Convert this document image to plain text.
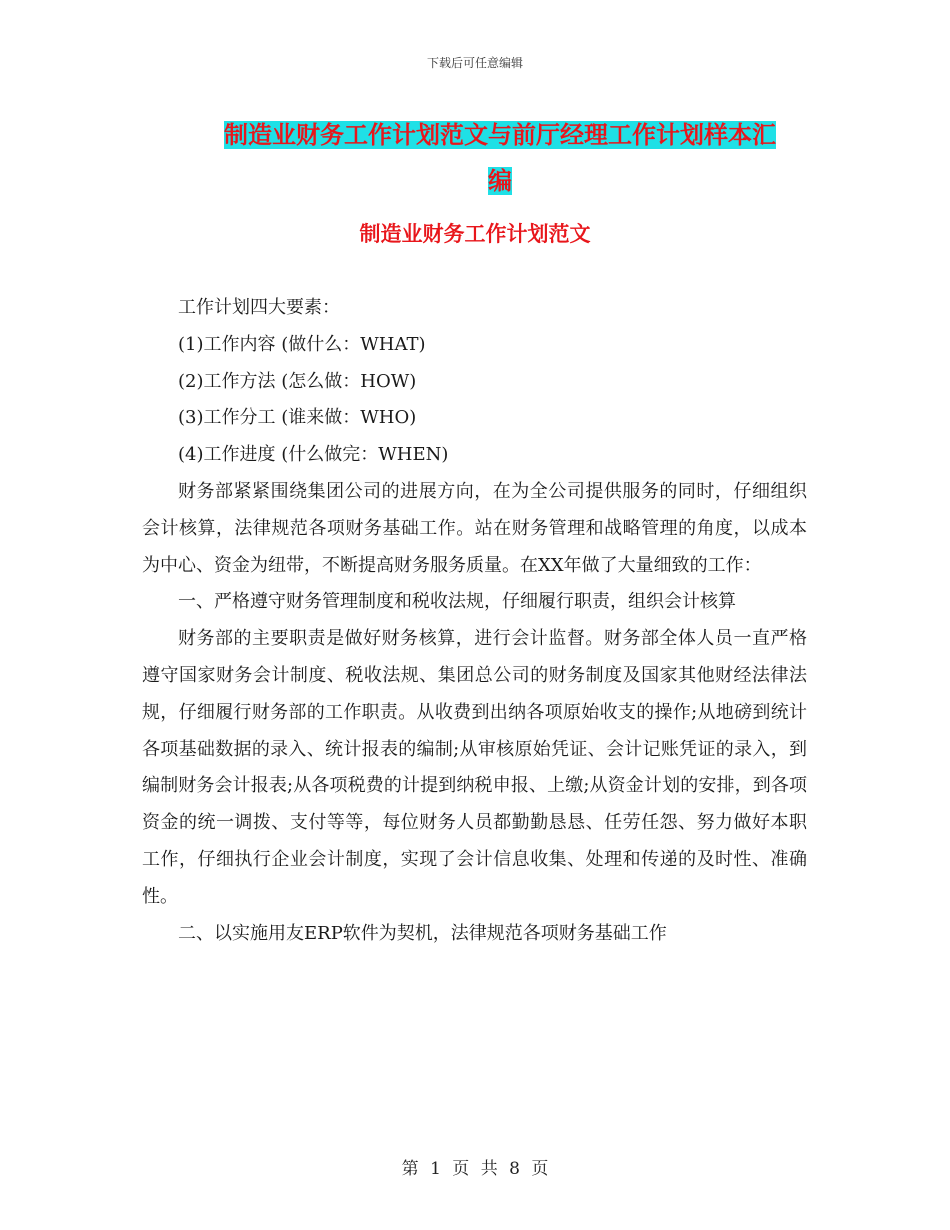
下载后可任意编辑
制造业财务工作计划范文与前厅经理工作计划样本汇
编
制造业财务工作计划范文

工作计划四大要素：

(1)工作内容 (做什么：WHAT)

(2)工作方法 (怎么做：HOW)

(3)工作分工 (谁来做：WHO)

(4)工作进度 (什么做完：WHEN)

财务部紧紧围绕集团公司的进展方向，在为全公司提供服务的同时，仔细组织会计核算，法律规范各项财务基础工作。站在财务管理和战略管理的角度，以成本为中心、资金为纽带，不断提高财务服务质量。在XX年做了大量细致的工作：

一、严格遵守财务管理制度和税收法规，仔细履行职责，组织会计核算

财务部的主要职责是做好财务核算，进行会计监督。财务部全体人员一直严格遵守国家财务会计制度、税收法规、集团总公司的财务制度及国家其他财经法律法规，仔细履行财务部的工作职责。从收费到出纳各项原始收支的操作;从地磅到统计各项基础数据的录入、统计报表的编制;从审核原始凭证、会计记账凭证的录入，到编制财务会计报表;从各项税费的计提到纳税申报、上缴;从资金计划的安排，到各项资金的统一调拨、支付等等，每位财务人员都勤勤恳恳、任劳任怨、努力做好本职工作，仔细执行企业会计制度，实现了会计信息收集、处理和传递的及时性、准确性。

二、以实施用友ERP软件为契机，法律规范各项财务基础工作

第 1 页 共 8 页
